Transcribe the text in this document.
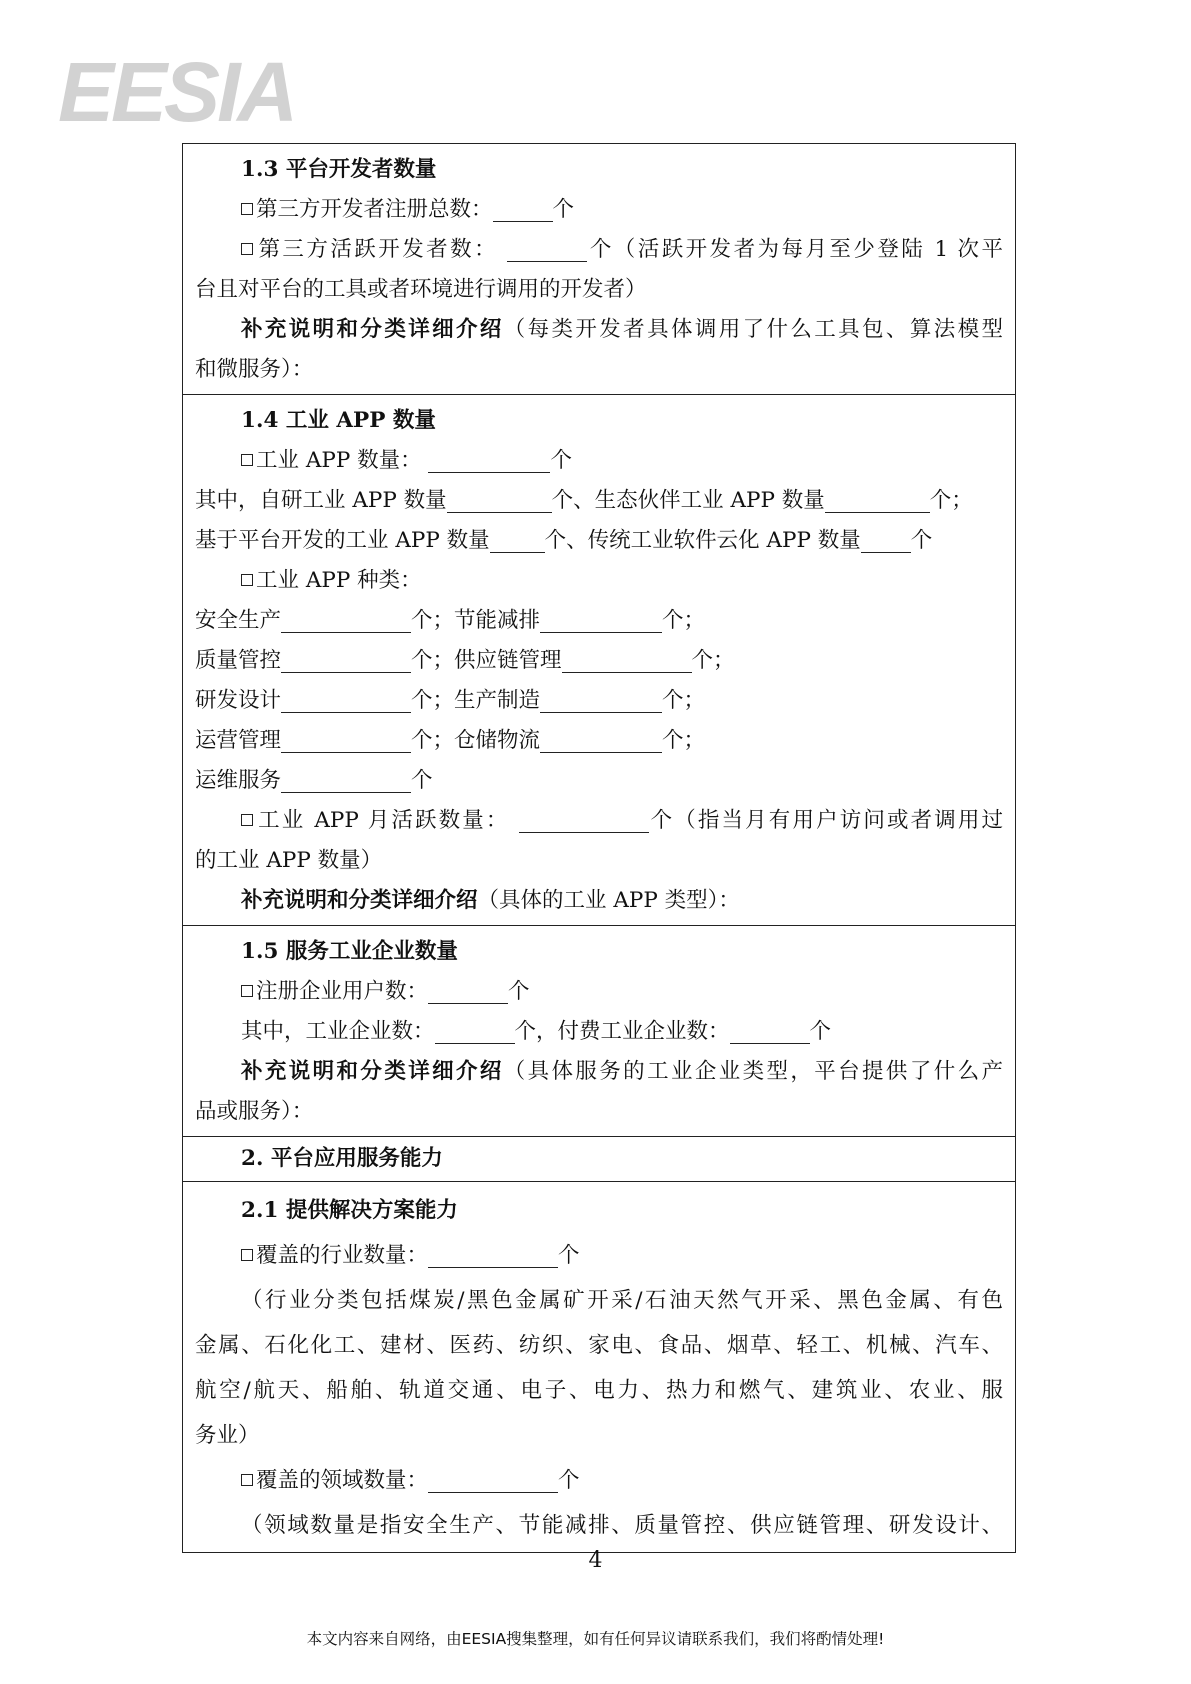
EESIA
1.3 平台开发者数量
第三方开发者注册总数：	个
第三方活跃开发者数：	个（活跃开发者为每月至少登陆 1 次平
台且对平台的工具或者环境进行调用的开发者）
补充说明和分类详细介绍（每类开发者具体调用了什么工具包、算法模型
和微服务）：
1.4 工业 APP 数量
工业 APP 数量：	个
其中，自研工业 APP 数量	个、生态伙伴工业 APP 数量	个；
基于平台开发的工业 APP 数量	个、传统工业软件云化 APP 数量 个
工业 APP 种类：
安全生产	个；节能减排	个；
质量管控	个；供应链管理	个；
研发设计	个；生产制造	个；
运营管理	个；仓储物流	个；
运维服务	个
工业 APP 月活跃数量：	个（指当月有用户访问或者调用过
的工业 APP 数量）
补充说明和分类详细介绍（具体的工业 APP 类型）：
1.5 服务工业企业数量
注册企业用户数：	个
其中，工业企业数：	个，付费工业企业数：	个
补充说明和分类详细介绍（具体服务的工业企业类型，平台提供了什么产
品或服务）：
2. 平台应用服务能力
2.1 提供解决方案能力
覆盖的行业数量：	个
（行业分类包括煤炭/黑色金属矿开采/石油天然气开采、黑色金属、有色
金属、石化化工、建材、医药、纺织、家电、食品、烟草、轻工、机械、汽车、
航空/航天、船舶、轨道交通、电子、电力、热力和燃气、建筑业、农业、服
务业）
覆盖的领域数量：	个
（领域数量是指安全生产、节能减排、质量管控、供应链管理、研发设计、
4
本文内容来自网络，由EESIA搜集整理，如有任何异议请联系我们，我们将酌情处理!
